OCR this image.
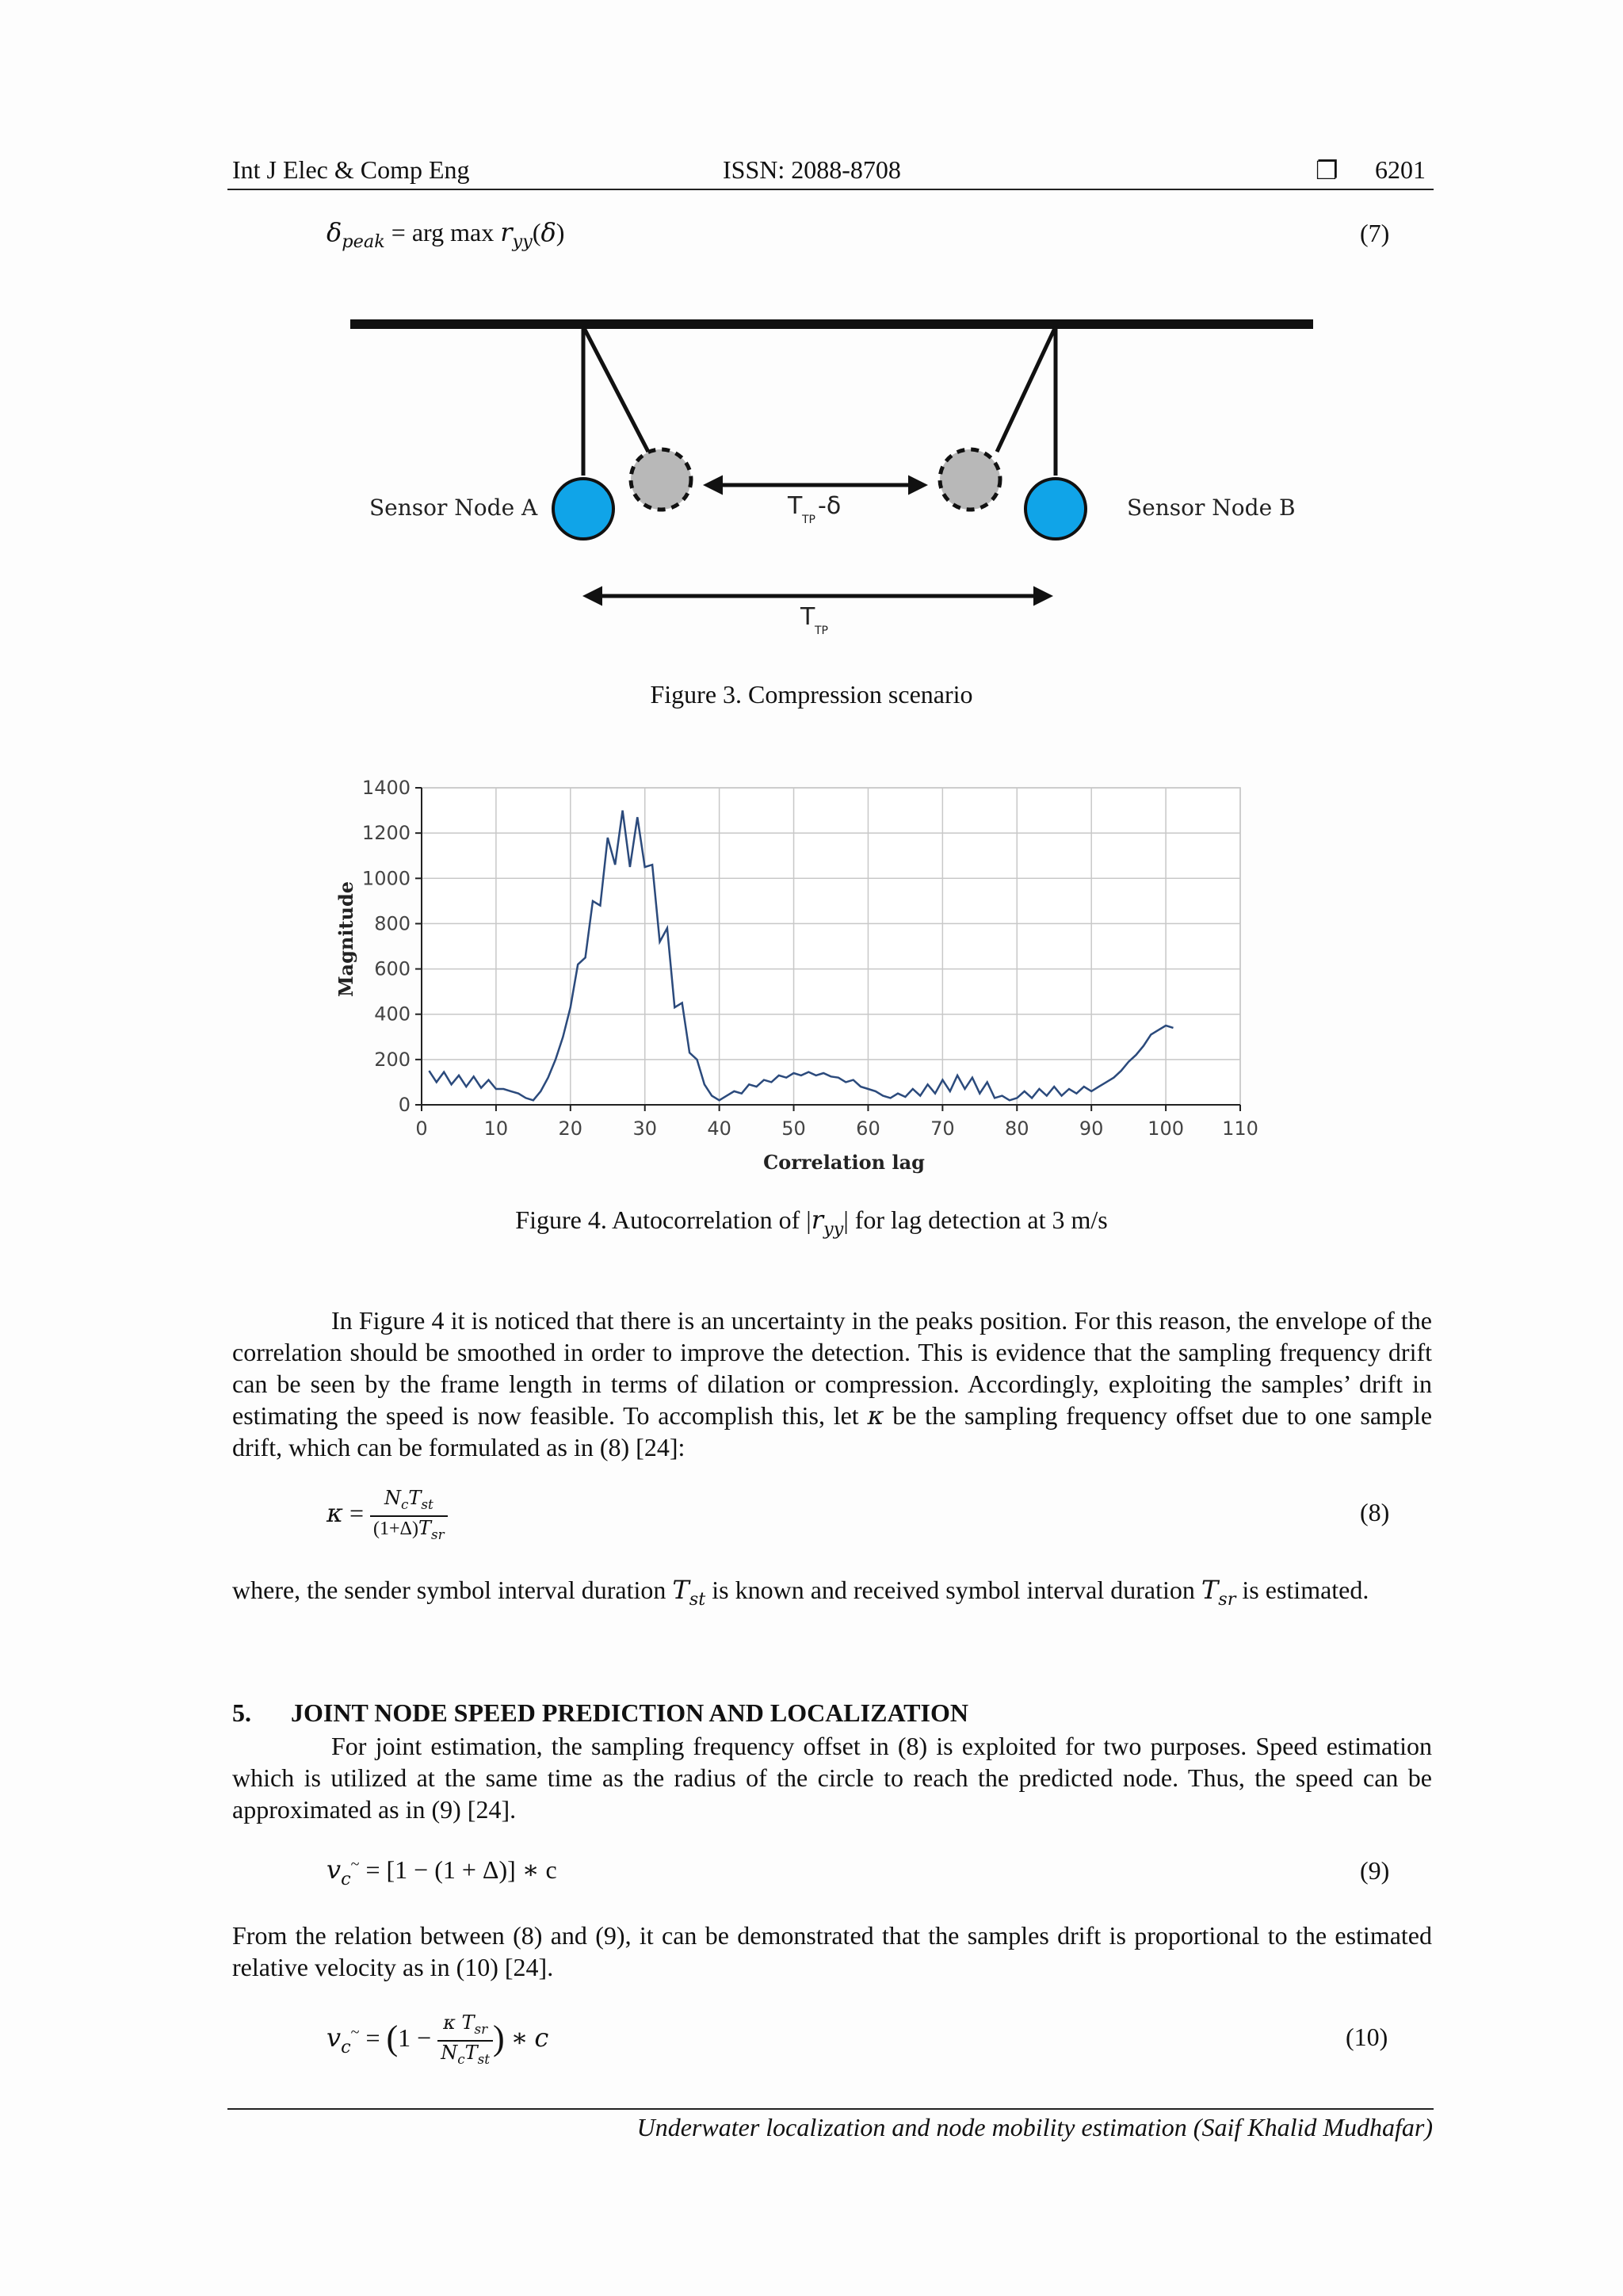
Int J Elec & Comp Eng	ISSN: 2088-8708	❐ 6201
$\delta_{peak}$ = arg $\max r_{yy}(\delta)$	(7)
Sensor Node A	Sensor Node B
T TP -δ
T TP
Figure 3. Compression scenario
0	10	20	30	40	50	60	70	80	90 100 110
0
200
400
600
800
1000
1200
1400
Correlation lag
Magnitude
Figure 4. Autocorrelation of $|r_{yy}|$ for lag detection at 3 m/s

In Figure 4 it is noticed that there is an uncertainty in the peaks position. For this reason, the envelope of the correlation should be smoothed in order to improve the detection. This is evidence that the sampling frequency drift can be seen by the frame length in terms of dilation or compression. Accordingly, exploiting the samples’ drift in estimating the speed is now feasible. To accomplish this, let κ be the sampling frequency offset due to one sample drift, which can be formulated as in (8) [24]:

$\kappa = \frac{N_cT_{st}}{(1+\Delta)T_{sr}}$	(8)

where, the sender symbol interval duration $T_{st}$ is known and received symbol interval duration $T_{sr}$ is estimated.

5. JOINT NODE SPEED PREDICTION AND LOCALIZATION

For joint estimation, the sampling frequency offset in (8) is exploited for two purposes. Speed estimation which is utilized at the same time as the radius of the circle to reach the predicted node. Thus, the speed can be approximated as in (9) [24].

$v_c^\sim = [1 - (1 + \Delta)]$ ∗ c	(9)

From the relation between (8) and (9), it can be demonstrated that the samples drift is proportional to the estimated relative velocity as in (10) [24].

$v_c^\sim = (1 - \frac{\kappa T_{sr}}{N_cT_{st}}$ ) ∗ c	(10)
Underwater localization and node mobility estimation (Saif Khalid Mudhafar)
